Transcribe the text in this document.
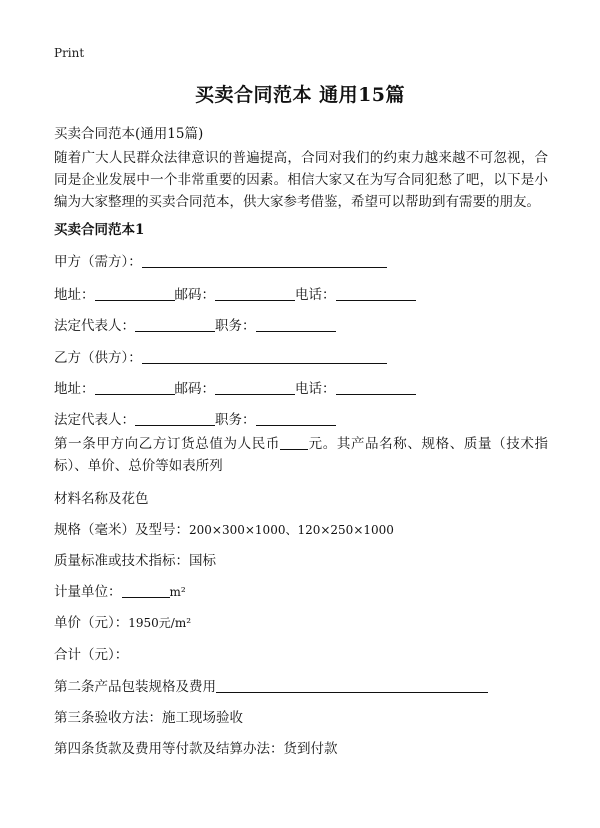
Print
买卖合同范本 通用15篇
买卖合同范本(通用15篇)
随着广大人民群众法律意识的普遍提高，合同对我们的约束力越来越不可忽视，合同是企业发展中一个非常重要的因素。相信大家又在为写合同犯愁了吧，以下是小编为大家整理的买卖合同范本，供大家参考借鉴，希望可以帮助到有需要的朋友。
买卖合同范本1
甲方（需方）：
地址：	邮码：	电话：
法定代表人：	职务：
乙方（供方）：
地址：	邮码：	电话：
法定代表人：	职务：
第一条甲方向乙方订货总值为人民币 元。其产品名称、规格、质量（技术指标）、单价、总价等如表所列
材料名称及花色
规格（毫米）及型号：200×300×1000、120×250×1000
质量标准或技术指标：国标
计量单位：	m²
单价（元）：1950元/m²
合计（元）：
第二条产品包装规格及费用
第三条验收方法：施工现场验收
第四条货款及费用等付款及结算办法：货到付款
